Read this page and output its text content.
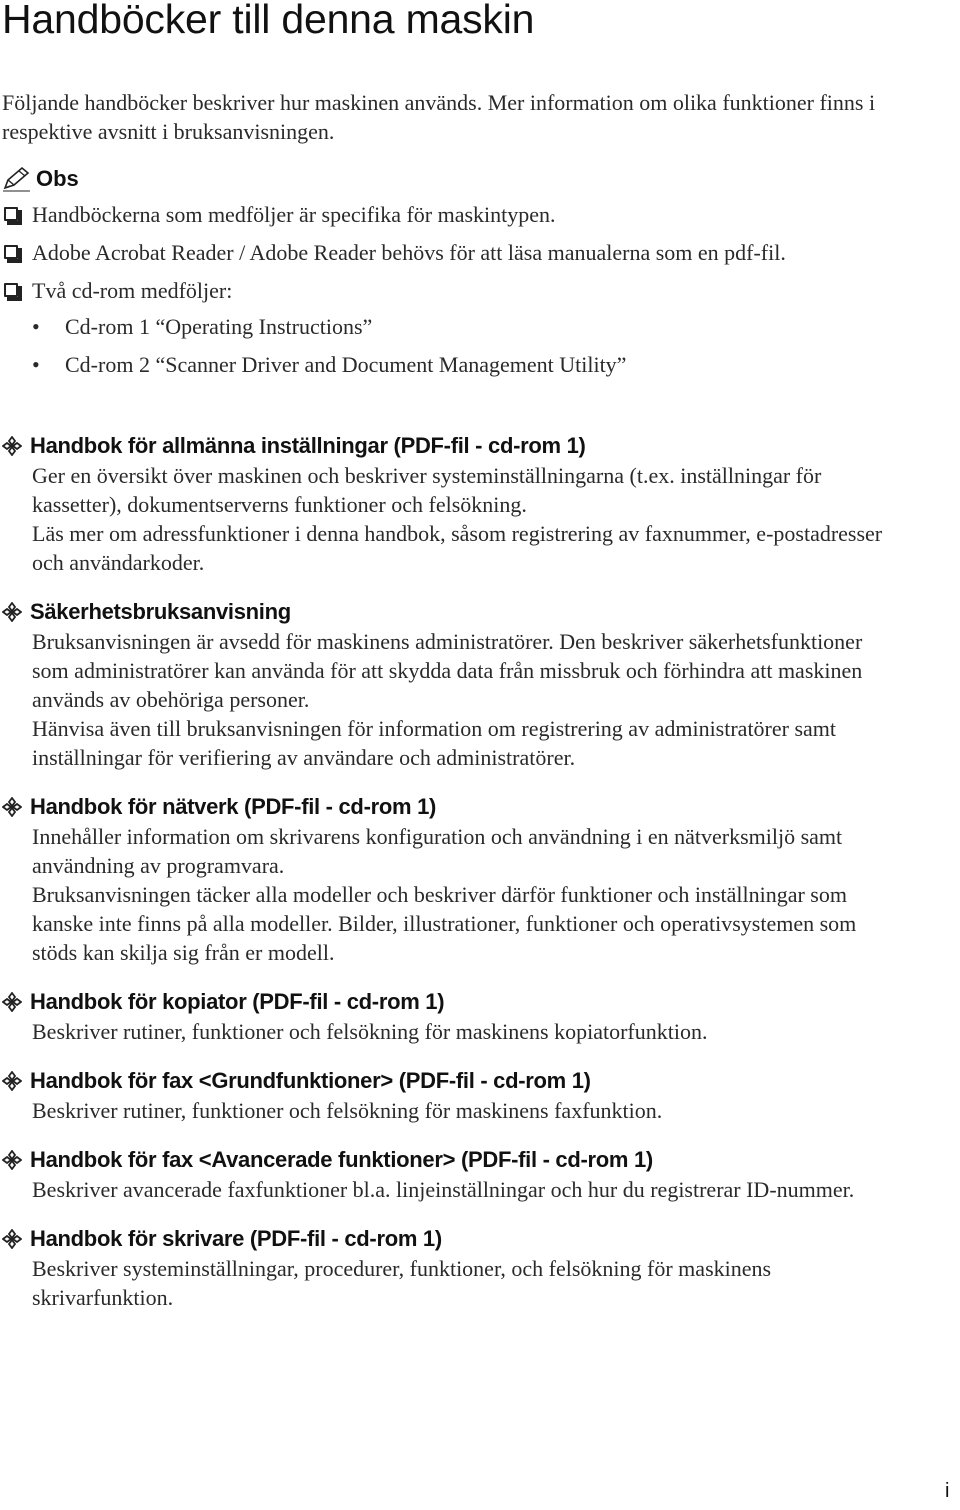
Handböcker till denna maskin

Följande handböcker beskriver hur maskinen används. Mer information om olika funktioner finns i respektive avsnitt i bruksanvisningen.

Obs
Handböckerna som medföljer är specifika för maskintypen.
Adobe Acrobat Reader / Adobe Reader behövs för att läsa manualerna som en pdf-fil.
Två cd-rom medföljer:
• Cd-rom 1 “Operating Instructions”
• Cd-rom 2 “Scanner Driver and Document Management Utility”
Handbok för allmänna inställningar (PDF-fil - cd-rom 1)

Ger en översikt över maskinen och beskriver systeminställningarna (t.ex. inställningar för kassetter), dokumentserverns funktioner och felsökning.

Läs mer om adressfunktioner i denna handbok, såsom registrering av faxnummer, e-postadresser och användarkoder.

Säkerhetsbruksanvisning

Bruksanvisningen är avsedd för maskinens administratörer. Den beskriver säkerhetsfunktioner som administratörer kan använda för att skydda data från missbruk och förhindra att maskinen används av obehöriga personer.

Hänvisa även till bruksanvisningen för information om registrering av administratörer samt inställningar för verifiering av användare och administratörer.

Handbok för nätverk (PDF-fil - cd-rom 1)

Innehåller information om skrivarens konfiguration och användning i en nätverksmiljö samt användning av programvara.

Bruksanvisningen täcker alla modeller och beskriver därför funktioner och inställningar som kanske inte finns på alla modeller. Bilder, illustrationer, funktioner och operativsystemen som stöds kan skilja sig från er modell.

Handbok för kopiator (PDF-fil - cd-rom 1)

Beskriver rutiner, funktioner och felsökning för maskinens kopiatorfunktion.

Handbok för fax <Grundfunktioner> (PDF-fil - cd-rom 1)

Beskriver rutiner, funktioner och felsökning för maskinens faxfunktion.

Handbok för fax <Avancerade funktioner> (PDF-fil - cd-rom 1)

Beskriver avancerade faxfunktioner bl.a. linjeinställningar och hur du registrerar ID-nummer.

Handbok för skrivare (PDF-fil - cd-rom 1)

Beskriver systeminställningar, procedurer, funktioner, och felsökning för maskinens skrivarfunktion.

i
